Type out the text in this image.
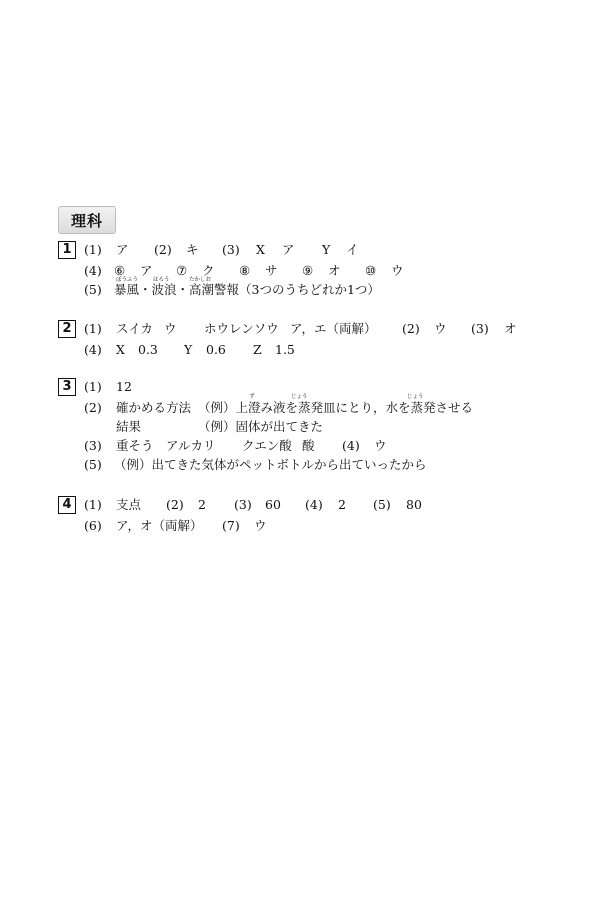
理科
1 (1) ア (2) キ (3) X ア Y イ
(4) ⑥ ア ⑦ ク ⑧ サ ⑨ オ ⑩ ウ
(5) 暴風・波浪・高潮警報（3つのうちどれか1つ）
ぼうふう	はろう	たかしお
2 (1) スイカ ウ ホウレンソウ ア，エ（両解） (2) ウ (3) オ
(4) X 0.3 Y 0.6 Z 1.5
3 (1) 12
(2) 確かめる方法 （例）上澄み液を蒸発皿にとり，水を蒸発させる
ず	じょう	じょう
結果	（例）固体が出てきた
(3) 重そう アルカリ クエン酸 酸 (4) ウ
(5) （例）出てきた気体がペットボトルから出ていったから
4 (1) 支点 (2) 2 (3) 60 (4) 2 (5) 80
(6) ア，オ（両解） (7) ウ
